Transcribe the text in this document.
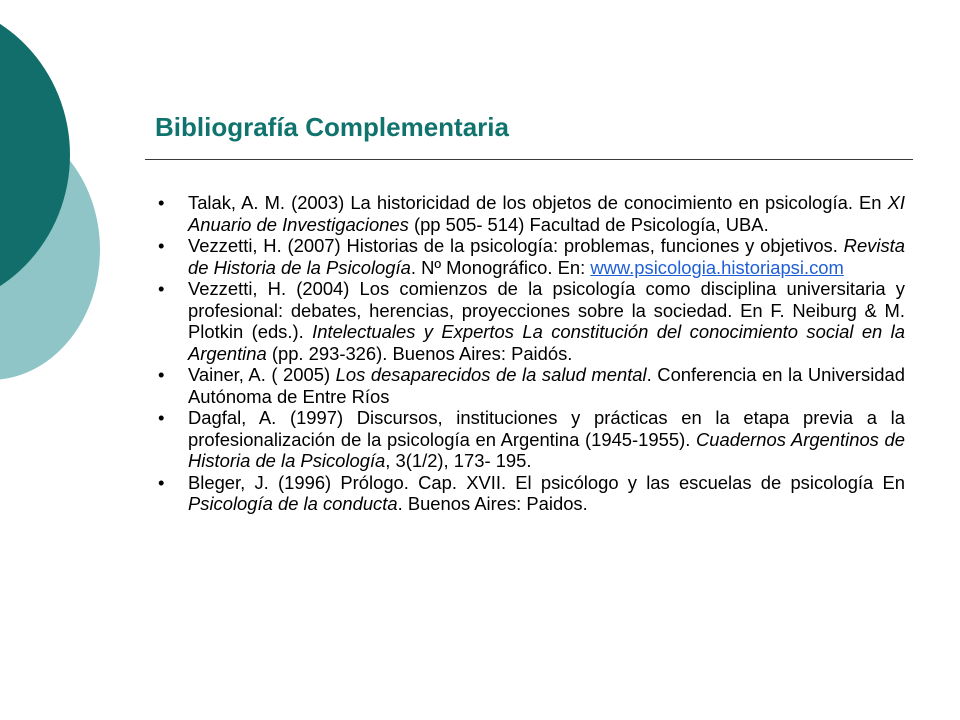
Bibliografía Complementaria
• Talak, A. M. (2003) La historicidad de los objetos de conocimiento en psicología. En XI Anuario de Investigaciones (pp 505- 514) Facultad de Psicología, UBA.
• Vezzetti, H. (2007) Historias de la psicología: problemas, funciones y objetivos. Revista de Historia de la Psicología. Nº Monográfico. En: www.psicologia.historiapsi.com
• Vezzetti, H. (2004) Los comienzos de la psicología como disciplina universitaria y profesional: debates, herencias, proyecciones sobre la sociedad. En F. Neiburg & M. Plotkin (eds.). Intelectuales y Expertos La constitución del conocimiento social en la Argentina (pp. 293-326). Buenos Aires: Paidós.
• Vainer, A. ( 2005) Los desaparecidos de la salud mental. Conferencia en la Universidad Autónoma de Entre Ríos
• Dagfal, A. (1997) Discursos, instituciones y prácticas en la etapa previa a la profesionalización de la psicología en Argentina (1945-1955). Cuadernos Argentinos de Historia de la Psicología, 3(1/2), 173- 195.
• Bleger, J. (1996) Prólogo. Cap. XVII. El psicólogo y las escuelas de psicología En Psicología de la conducta. Buenos Aires: Paidos.
